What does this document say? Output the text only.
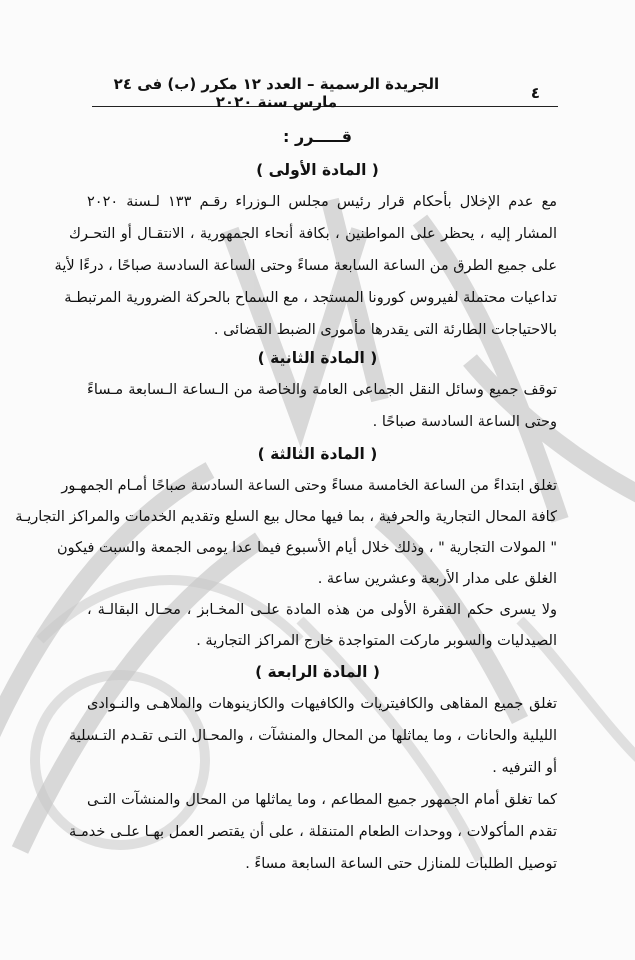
٤
الجريدة الرسمية – العدد ١٢ مكرر (ب) فى ٢٤ مارس سنة ٢٠٢٠
قـــــرر :
( المادة الأولى )
مع عدم الإخلال بأحكام قرار رئيس مجلس الـوزراء رقـم ١٣٣ لـسنة ٢٠٢٠
المشار إليه ، يحظر على المواطنين ، بكافة أنحاء الجمهورية ، الانتقـال أو التحـرك
على جميع الطرق من الساعة السابعة مساءً وحتى الساعة السادسة صباحًا ، درءًا لأية
تداعيات محتملة لفيروس كورونا المستجد ، مع السماح بالحركة الضرورية المرتبطـة
بالاحتياجات الطارئة التى يقدرها مأمورى الضبط القضائى .
( المادة الثانية )
توقف جميع وسائل النقل الجماعى العامة والخاصة من الـساعة الـسابعة مـساءً
وحتى الساعة السادسة صباحًا .
( المادة الثالثة )
تغلق ابتداءً من الساعة الخامسة مساءً وحتى الساعة السادسة صباحًا أمـام الجمهـور
كافة المحال التجارية والحرفية ، بما فيها محال بيع السلع وتقديم الخدمات والمراكز التجاريـة
" المولات التجارية " ، وذلك خلال أيام الأسبوع فيما عدا يومى الجمعة والسبت فيكون
الغلق على مدار الأربعة وعشرين ساعة .
ولا يسرى حكم الفقرة الأولى من هذه المادة علـى المخـابز ، محـال البقالـة ،
الصيدليات والسوبر ماركت المتواجدة خارج المراكز التجارية .
( المادة الرابعة )
تغلق جميع المقاهى والكافيتريات والكافيهات والكازينوهات والملاهـى والنـوادى
الليلية والحانات ، وما يماثلها من المحال والمنشآت ، والمحـال التـى تقـدم التـسلية
أو الترفيه .
كما تغلق أمام الجمهور جميع المطاعم ، وما يماثلها من المحال والمنشآت التـى
تقدم المأكولات ، ووحدات الطعام المتنقلة ، على أن يقتصر العمل بهـا علـى خدمـة
توصيل الطلبات للمنازل حتى الساعة السابعة مساءً .
